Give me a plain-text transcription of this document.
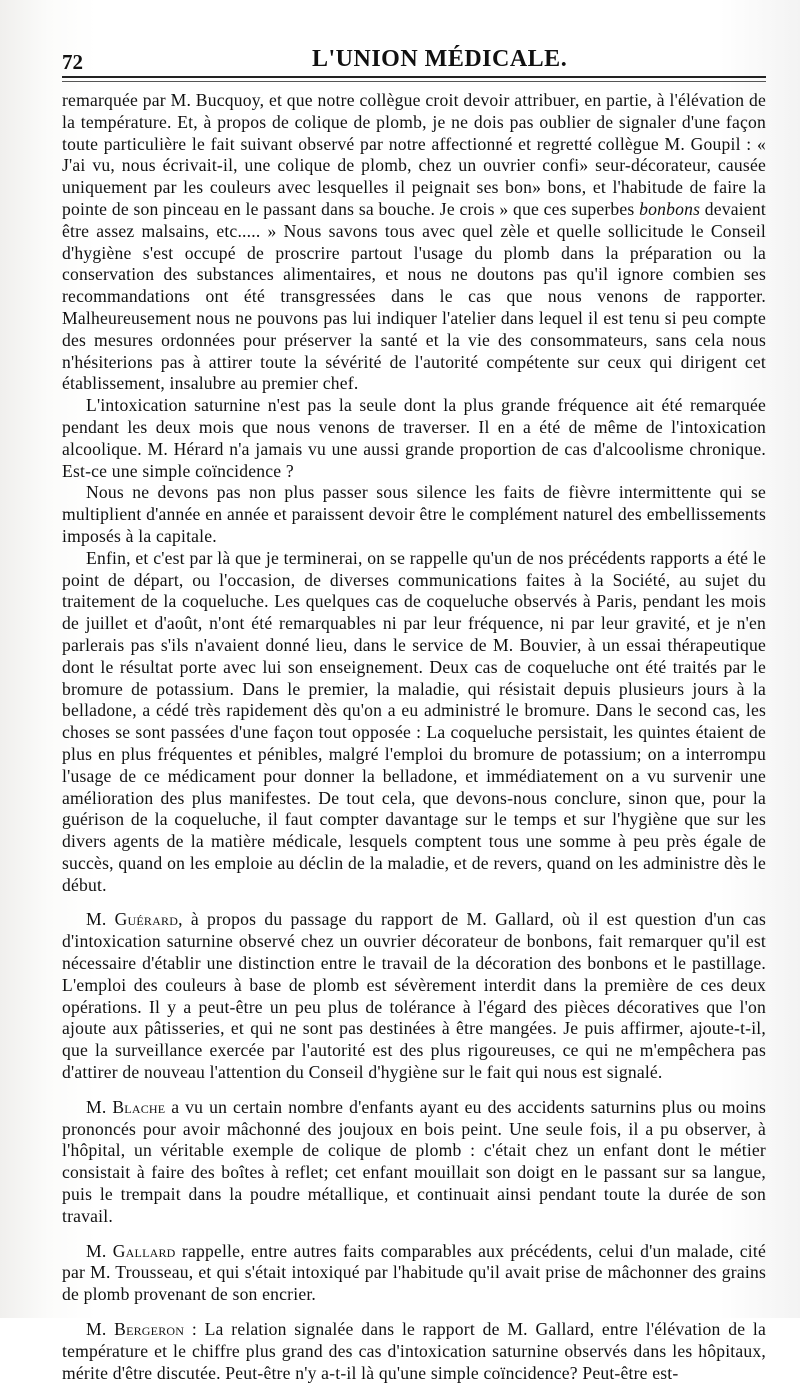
72	L'UNION MÉDICALE.

remarquée par M. Bucquoy, et que notre collègue croit devoir attribuer, en partie, à l'élévation de la température. Et, à propos de colique de plomb, je ne dois pas oublier de signaler d'une façon toute particulière le fait suivant observé par notre affectionné et regretté collègue M. Goupil : « J'ai vu, nous écrivait-il, une colique de plomb, chez un ouvrier confi» seur-décorateur, causée uniquement par les couleurs avec lesquelles il peignait ses bon» bons, et l'habitude de faire la pointe de son pinceau en le passant dans sa bouche. Je crois » que ces superbes bonbons devaient être assez malsains, etc..... » Nous savons tous avec quel zèle et quelle sollicitude le Conseil d'hygiène s'est occupé de proscrire partout l'usage du plomb dans la préparation ou la conservation des substances alimentaires, et nous ne doutons pas qu'il ignore combien ses recommandations ont été transgressées dans le cas que nous venons de rapporter. Malheureusement nous ne pouvons pas lui indiquer l'atelier dans lequel il est tenu si peu compte des mesures ordonnées pour préserver la santé et la vie des consommateurs, sans cela nous n'hésiterions pas à attirer toute la sévérité de l'autorité compétente sur ceux qui dirigent cet établissement, insalubre au premier chef.

L'intoxication saturnine n'est pas la seule dont la plus grande fréquence ait été remarquée pendant les deux mois que nous venons de traverser. Il en a été de même de l'intoxication alcoolique. M. Hérard n'a jamais vu une aussi grande proportion de cas d'alcoolisme chronique. Est-ce une simple coïncidence ?

Nous ne devons pas non plus passer sous silence les faits de fièvre intermittente qui se multiplient d'année en année et paraissent devoir être le complément naturel des embellissements imposés à la capitale.

Enfin, et c'est par là que je terminerai, on se rappelle qu'un de nos précédents rapports a été le point de départ, ou l'occasion, de diverses communications faites à la Société, au sujet du traitement de la coqueluche. Les quelques cas de coqueluche observés à Paris, pendant les mois de juillet et d'août, n'ont été remarquables ni par leur fréquence, ni par leur gravité, et je n'en parlerais pas s'ils n'avaient donné lieu, dans le service de M. Bouvier, à un essai thérapeutique dont le résultat porte avec lui son enseignement. Deux cas de coqueluche ont été traités par le bromure de potassium. Dans le premier, la maladie, qui résistait depuis plusieurs jours à la belladone, a cédé très rapidement dès qu'on a eu administré le bromure. Dans le second cas, les choses se sont passées d'une façon tout opposée : La coqueluche persistait, les quintes étaient de plus en plus fréquentes et pénibles, malgré l'emploi du bromure de potassium; on a interrompu l'usage de ce médicament pour donner la belladone, et immédiatement on a vu survenir une amélioration des plus manifestes. De tout cela, que devons-nous conclure, sinon que, pour la guérison de la coqueluche, il faut compter davantage sur le temps et sur l'hygiène que sur les divers agents de la matière médicale, lesquels comptent tous une somme à peu près égale de succès, quand on les emploie au déclin de la maladie, et de revers, quand on les administre dès le début.

M. Guérard, à propos du passage du rapport de M. Gallard, où il est question d'un cas d'intoxication saturnine observé chez un ouvrier décorateur de bonbons, fait remarquer qu'il est nécessaire d'établir une distinction entre le travail de la décoration des bonbons et le pastillage. L'emploi des couleurs à base de plomb est sévèrement interdit dans la première de ces deux opérations. Il y a peut-être un peu plus de tolérance à l'égard des pièces décoratives que l'on ajoute aux pâtisseries, et qui ne sont pas destinées à être mangées. Je puis affirmer, ajoute-t-il, que la surveillance exercée par l'autorité est des plus rigoureuses, ce qui ne m'empêchera pas d'attirer de nouveau l'attention du Conseil d'hygiène sur le fait qui nous est signalé.

M. Blache a vu un certain nombre d'enfants ayant eu des accidents saturnins plus ou moins prononcés pour avoir mâchonné des joujoux en bois peint. Une seule fois, il a pu observer, à l'hôpital, un véritable exemple de colique de plomb : c'était chez un enfant dont le métier consistait à faire des boîtes à reflet; cet enfant mouillait son doigt en le passant sur sa langue, puis le trempait dans la poudre métallique, et continuait ainsi pendant toute la durée de son travail.

M. Gallard rappelle, entre autres faits comparables aux précédents, celui d'un malade, cité par M. Trousseau, et qui s'était intoxiqué par l'habitude qu'il avait prise de mâchonner des grains de plomb provenant de son encrier.

M. Bergeron : La relation signalée dans le rapport de M. Gallard, entre l'élévation de la température et le chiffre plus grand des cas d'intoxication saturnine observés dans les hôpitaux, mérite d'être discutée. Peut-être n'y a-t-il là qu'une simple coïncidence? Peut-être est-
